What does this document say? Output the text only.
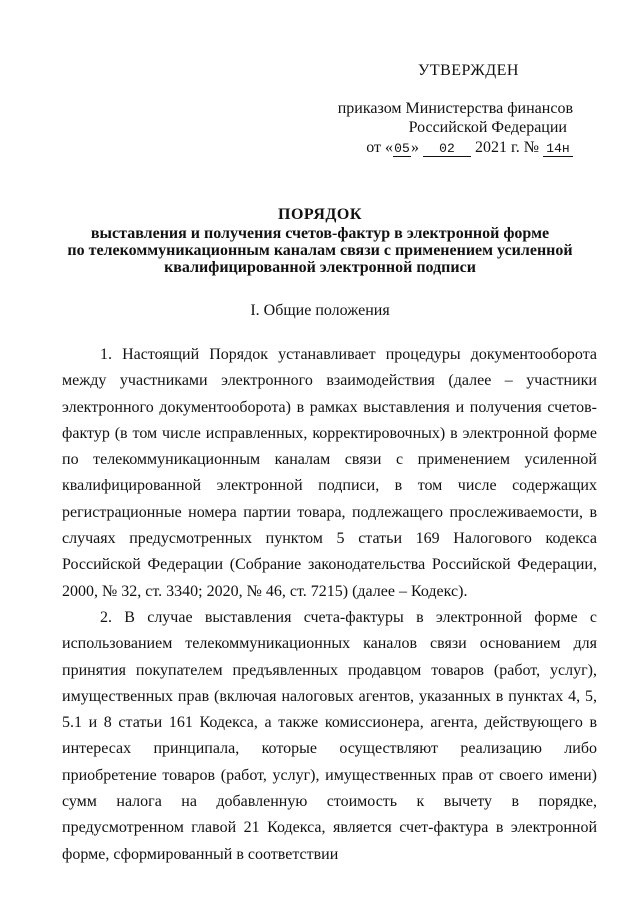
УТВЕРЖДЕН
приказом Министерства финансов
Российской Федерации
от «05» 02 2021 г. № 14н
ПОРЯДОК
выставления и получения счетов-фактур в электронной форме
по телекоммуникационным каналам связи с применением усиленной
квалифицированной электронной подписи
I. Общие положения

1. Настоящий Порядок устанавливает процедуры документооборота между участниками электронного взаимодействия (далее – участники электронного документооборота) в рамках выставления и получения счетов-фактур (в том числе исправленных, корректировочных) в электронной форме по телекоммуникационным каналам связи с применением усиленной квалифицированной электронной подписи, в том числе содержащих регистрационные номера партии товара, подлежащего прослеживаемости, в случаях предусмотренных пунктом 5 статьи 169 Налогового кодекса Российской Федерации (Собрание законодательства Российской Федерации, 2000, № 32, ст. 3340; 2020, № 46, ст. 7215) (далее – Кодекс).

2. В случае выставления счета-фактуры в электронной форме с использованием телекоммуникационных каналов связи основанием для принятия покупателем предъявленных продавцом товаров (работ, услуг), имущественных прав (включая налоговых агентов, указанных в пунктах 4, 5, 5.1 и 8 статьи 161 Кодекса, а также комиссионера, агента, действующего в интересах принципала, которые осуществляют реализацию либо приобретение товаров (работ, услуг), имущественных прав от своего имени) сумм налога на добавленную стоимость к вычету в порядке, предусмотренном главой 21 Кодекса, является счет-фактура в электронной форме, сформированный в соответствии
